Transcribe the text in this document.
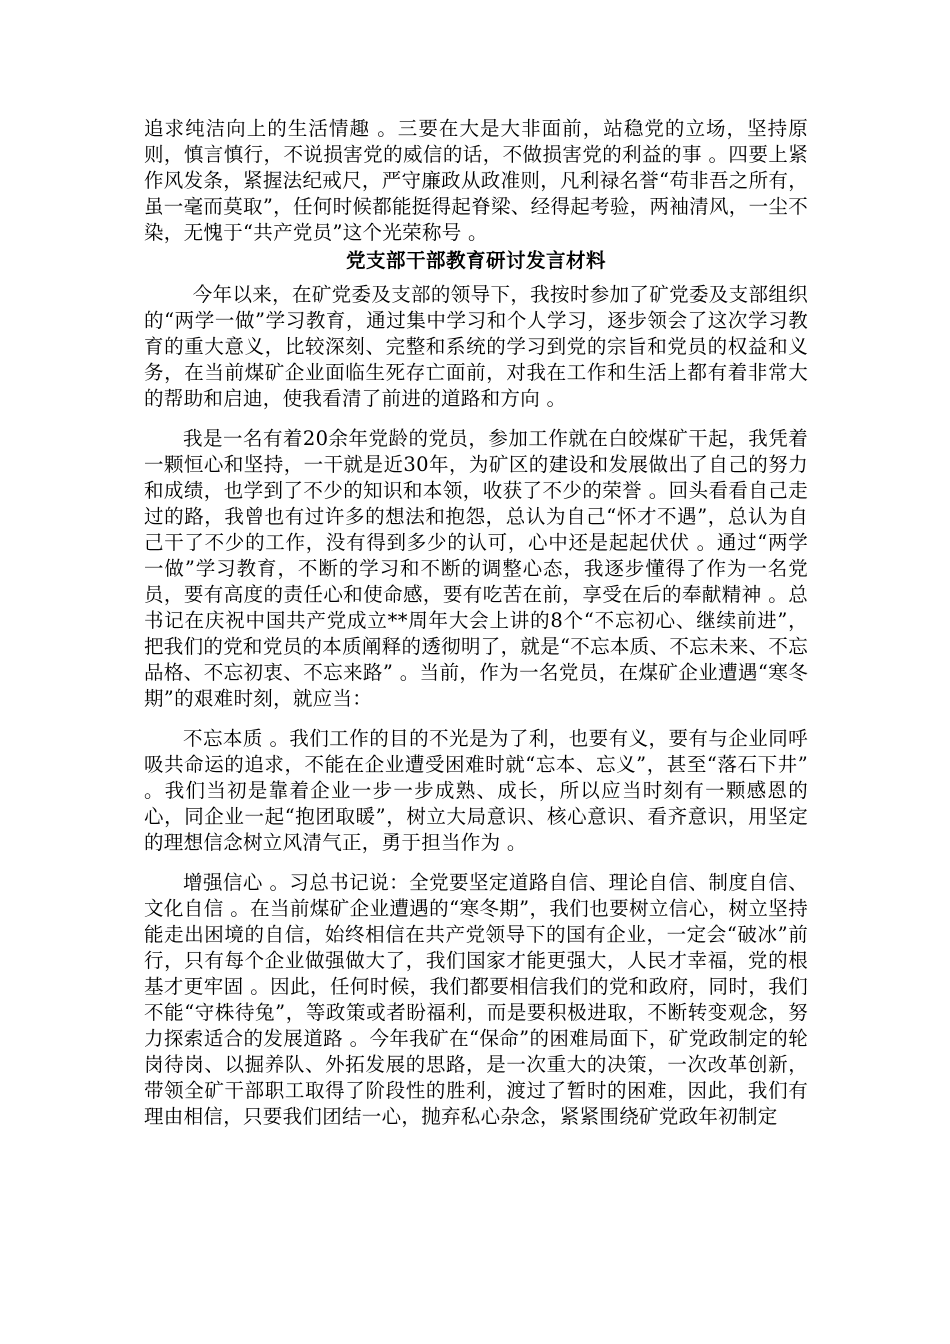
追求纯洁向上的生活情趣 。三要在大是大非面前，站稳党的立场，坚持原则，慎言慎行，不说损害党的威信的话，不做损害党的利益的事 。四要上紧作风发条，紧握法纪戒尺，严守廉政从政准则，凡利禄名誉“苟非吾之所有，虽一毫而莫取”，任何时候都能挺得起脊梁、经得起考验，两袖清风，一尘不染，无愧于“共产党员”这个光荣称号 。

党支部干部教育研讨发言材料

今年以来，在矿党委及支部的领导下，我按时参加了矿党委及支部组织的“两学一做”学习教育，通过集中学习和个人学习，逐步领会了这次学习教育的重大意义，比较深刻、完整和系统的学习到党的宗旨和党员的权益和义务，在当前煤矿企业面临生死存亡面前，对我在工作和生活上都有着非常大的帮助和启迪，使我看清了前进的道路和方向 。

我是一名有着20余年党龄的党员，参加工作就在白皎煤矿干起，我凭着一颗恒心和坚持，一干就是近30年，为矿区的建设和发展做出了自己的努力和成绩，也学到了不少的知识和本领，收获了不少的荣誉 。回头看看自己走过的路，我曾也有过许多的想法和抱怨，总认为自己“怀才不遇”，总认为自己干了不少的工作，没有得到多少的认可，心中还是起起伏伏 。通过“两学一做”学习教育，不断的学习和不断的调整心态，我逐步懂得了作为一名党员，要有高度的责任心和使命感，要有吃苦在前，享受在后的奉献精神 。总书记在庆祝中国共产党成立**周年大会上讲的8个“不忘初心、继续前进”，把我们的党和党员的本质阐释的透彻明了，就是“不忘本质、不忘未来、不忘品格、不忘初衷、不忘来路” 。当前，作为一名党员，在煤矿企业遭遇“寒冬期”的艰难时刻，就应当：

不忘本质 。我们工作的目的不光是为了利，也要有义，要有与企业同呼吸共命运的追求，不能在企业遭受困难时就“忘本、忘义”，甚至“落石下井” 。我们当初是靠着企业一步一步成熟、成长，所以应当时刻有一颗感恩的心，同企业一起“抱团取暖”，树立大局意识、核心意识、看齐意识，用坚定的理想信念树立风清气正，勇于担当作为 。

增强信心 。习总书记说：全党要坚定道路自信、理论自信、制度自信、文化自信 。在当前煤矿企业遭遇的“寒冬期”，我们也要树立信心，树立坚持能走出困境的自信，始终相信在共产党领导下的国有企业，一定会“破冰”前行，只有每个企业做强做大了，我们国家才能更强大，人民才幸福，党的根基才更牢固 。因此，任何时候，我们都要相信我们的党和政府，同时，我们不能“守株待兔”，等政策或者盼福利，而是要积极进取，不断转变观念，努力探索适合的发展道路 。今年我矿在“保命”的困难局面下，矿党政制定的轮岗待岗、以掘养队、外拓发展的思路，是一次重大的决策，一次改革创新，带领全矿干部职工取得了阶段性的胜利，渡过了暂时的困难，因此，我们有理由相信，只要我们团结一心，抛弃私心杂念，紧紧围绕矿党政年初制定
